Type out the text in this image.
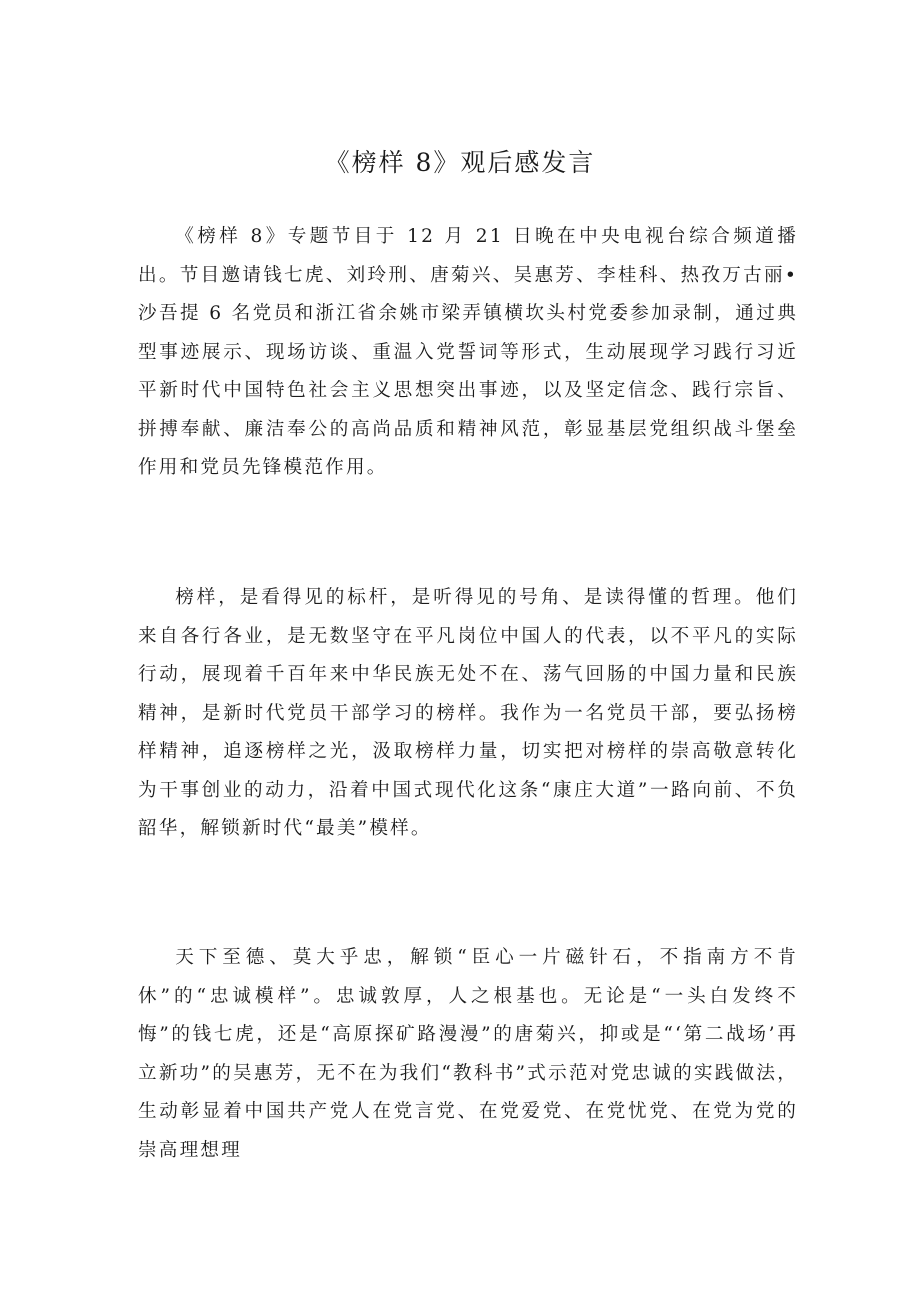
《榜样 8》观后感发言

《榜样 8》专题节目于 12 月 21 日晚在中央电视台综合频道播出。节目邀请钱七虎、刘玲刑、唐菊兴、吴惠芳、李桂科、热孜万古丽•沙吾提 6 名党员和浙江省余姚市梁弄镇横坎头村党委参加录制，通过典型事迹展示、现场访谈、重温入党誓词等形式，生动展现学习践行习近平新时代中国特色社会主义思想突出事迹，以及坚定信念、践行宗旨、拼搏奉献、廉洁奉公的高尚品质和精神风范，彰显基层党组织战斗堡垒作用和党员先锋模范作用。

榜样，是看得见的标杆，是听得见的号角、是读得懂的哲理。他们来自各行各业，是无数坚守在平凡岗位中国人的代表，以不平凡的实际行动，展现着千百年来中华民族无处不在、荡气回肠的中国力量和民族精神，是新时代党员干部学习的榜样。我作为一名党员干部，要弘扬榜样精神，追逐榜样之光，汲取榜样力量，切实把对榜样的崇高敬意转化为干事创业的动力，沿着中国式现代化这条“康庄大道”一路向前、不负韶华，解锁新时代“最美”模样。

天下至德、莫大乎忠，解锁“臣心一片磁针石，不指南方不肯休”的“忠诚模样”。忠诚敦厚，人之根基也。无论是“一头白发终不悔”的钱七虎，还是“高原探矿路漫漫”的唐菊兴，抑或是“‘第二战场’再立新功”的吴惠芳，无不在为我们“教科书”式示范对党忠诚的实践做法，生动彰显着中国共产党人在党言党、在党爱党、在党忧党、在党为党的崇高理想理
